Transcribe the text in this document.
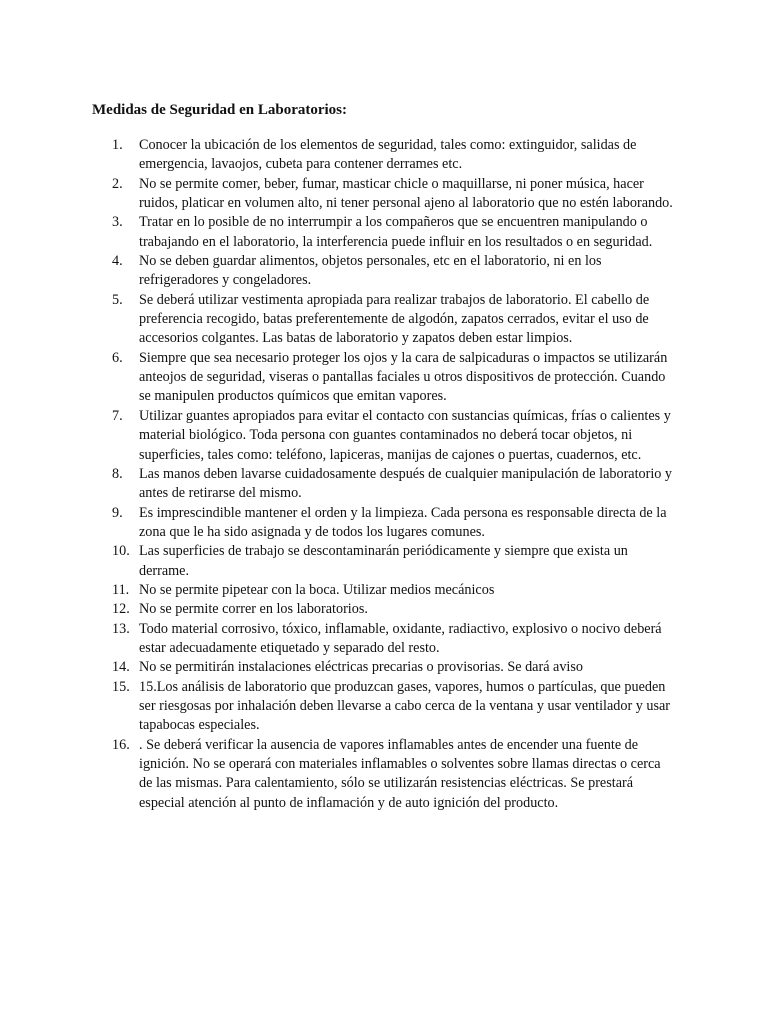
Medidas de Seguridad en Laboratorios:
1. Conocer la ubicación de los elementos de seguridad, tales como: extinguidor, salidas de emergencia, lavaojos, cubeta para contener derrames etc.
2. No se permite comer, beber, fumar, masticar chicle o maquillarse, ni poner música, hacer ruidos, platicar en volumen alto, ni tener personal ajeno al laboratorio que no estén laborando.
3. Tratar en lo posible de no interrumpir a los compañeros que se encuentren manipulando o trabajando en el laboratorio, la interferencia puede influir en los resultados o en seguridad.
4. No se deben guardar alimentos, objetos personales, etc en el laboratorio, ni en los refrigeradores y congeladores.
5. Se deberá utilizar vestimenta apropiada para realizar trabajos de laboratorio. El cabello de preferencia recogido, batas preferentemente de algodón, zapatos cerrados, evitar el uso de accesorios colgantes. Las batas de laboratorio y zapatos deben estar limpios.
6. Siempre que sea necesario proteger los ojos y la cara de salpicaduras o impactos se utilizarán anteojos de seguridad, viseras o pantallas faciales u otros dispositivos de protección. Cuando se manipulen productos químicos que emitan vapores.
7. Utilizar guantes apropiados para evitar el contacto con sustancias químicas, frías o calientes y material biológico. Toda persona con guantes contaminados no deberá tocar objetos, ni superficies, tales como: teléfono, lapiceras, manijas de cajones o puertas, cuadernos, etc.
8. Las manos deben lavarse cuidadosamente después de cualquier manipulación de laboratorio y antes de retirarse del mismo.
9. Es imprescindible mantener el orden y la limpieza. Cada persona es responsable directa de la zona que le ha sido asignada y de todos los lugares comunes.
10. Las superficies de trabajo se descontaminarán periódicamente y siempre que exista un derrame.
11. No se permite pipetear con la boca. Utilizar medios mecánicos
12. No se permite correr en los laboratorios.
13. Todo material corrosivo, tóxico, inflamable, oxidante, radiactivo, explosivo o nocivo deberá estar adecuadamente etiquetado y separado del resto.
14. No se permitirán instalaciones eléctricas precarias o provisorias. Se dará aviso
15. 15.Los análisis de laboratorio que produzcan gases, vapores, humos o partículas, que pueden ser riesgosas por inhalación deben llevarse a cabo cerca de la ventana y usar ventilador y usar tapabocas especiales.
16. . Se deberá verificar la ausencia de vapores inflamables antes de encender una fuente de ignición. No se operará con materiales inflamables o solventes sobre llamas directas o cerca de las mismas. Para calentamiento, sólo se utilizarán resistencias eléctricas. Se prestará especial atención al punto de inflamación y de auto ignición del producto.
